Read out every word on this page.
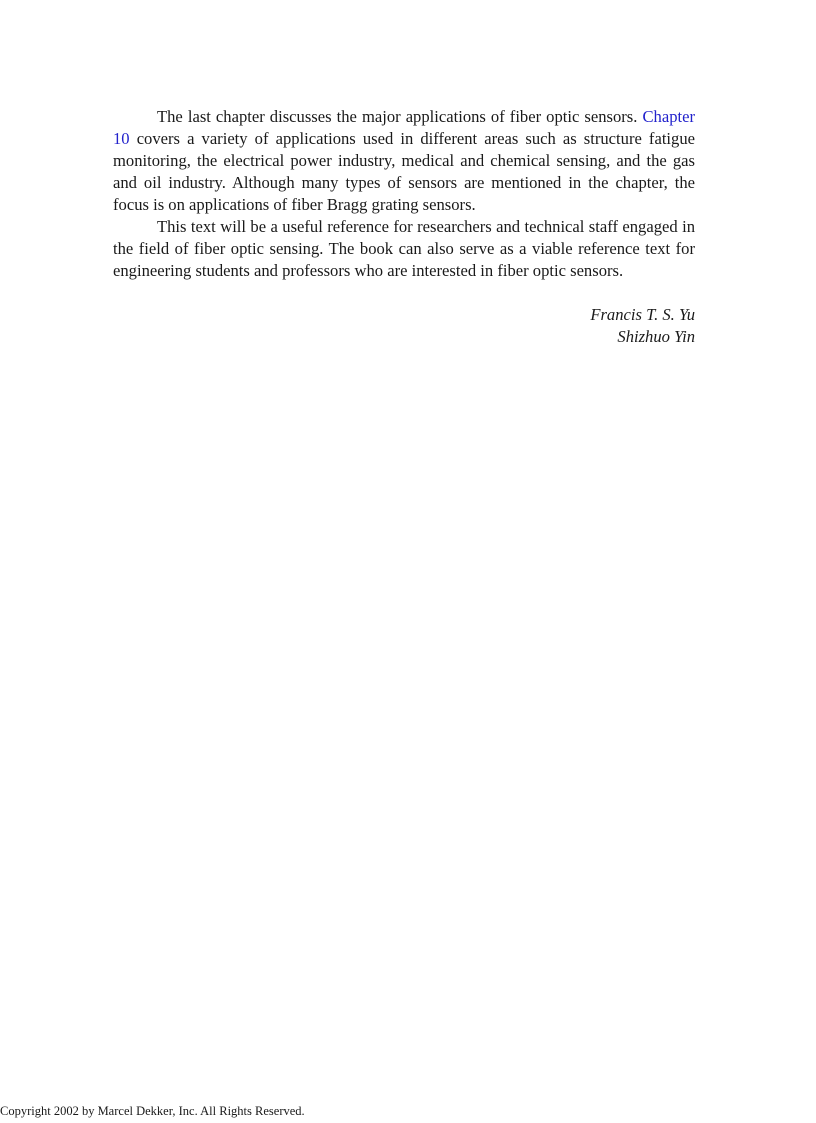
The last chapter discusses the major applications of fiber optic sensors. Chapter 10 covers a variety of applications used in different areas such as structure fatigue monitoring, the electrical power industry, medical and chemical sensing, and the gas and oil industry. Although many types of sensors are mentioned in the chapter, the focus is on applications of fiber Bragg grating sensors.

This text will be a useful reference for researchers and technical staff engaged in the field of fiber optic sensing. The book can also serve as a viable reference text for engineering students and professors who are interested in fiber optic sensors.

Francis T. S. Yu
Shizhuo Yin
Copyright 2002 by Marcel Dekker, Inc. All Rights Reserved.
